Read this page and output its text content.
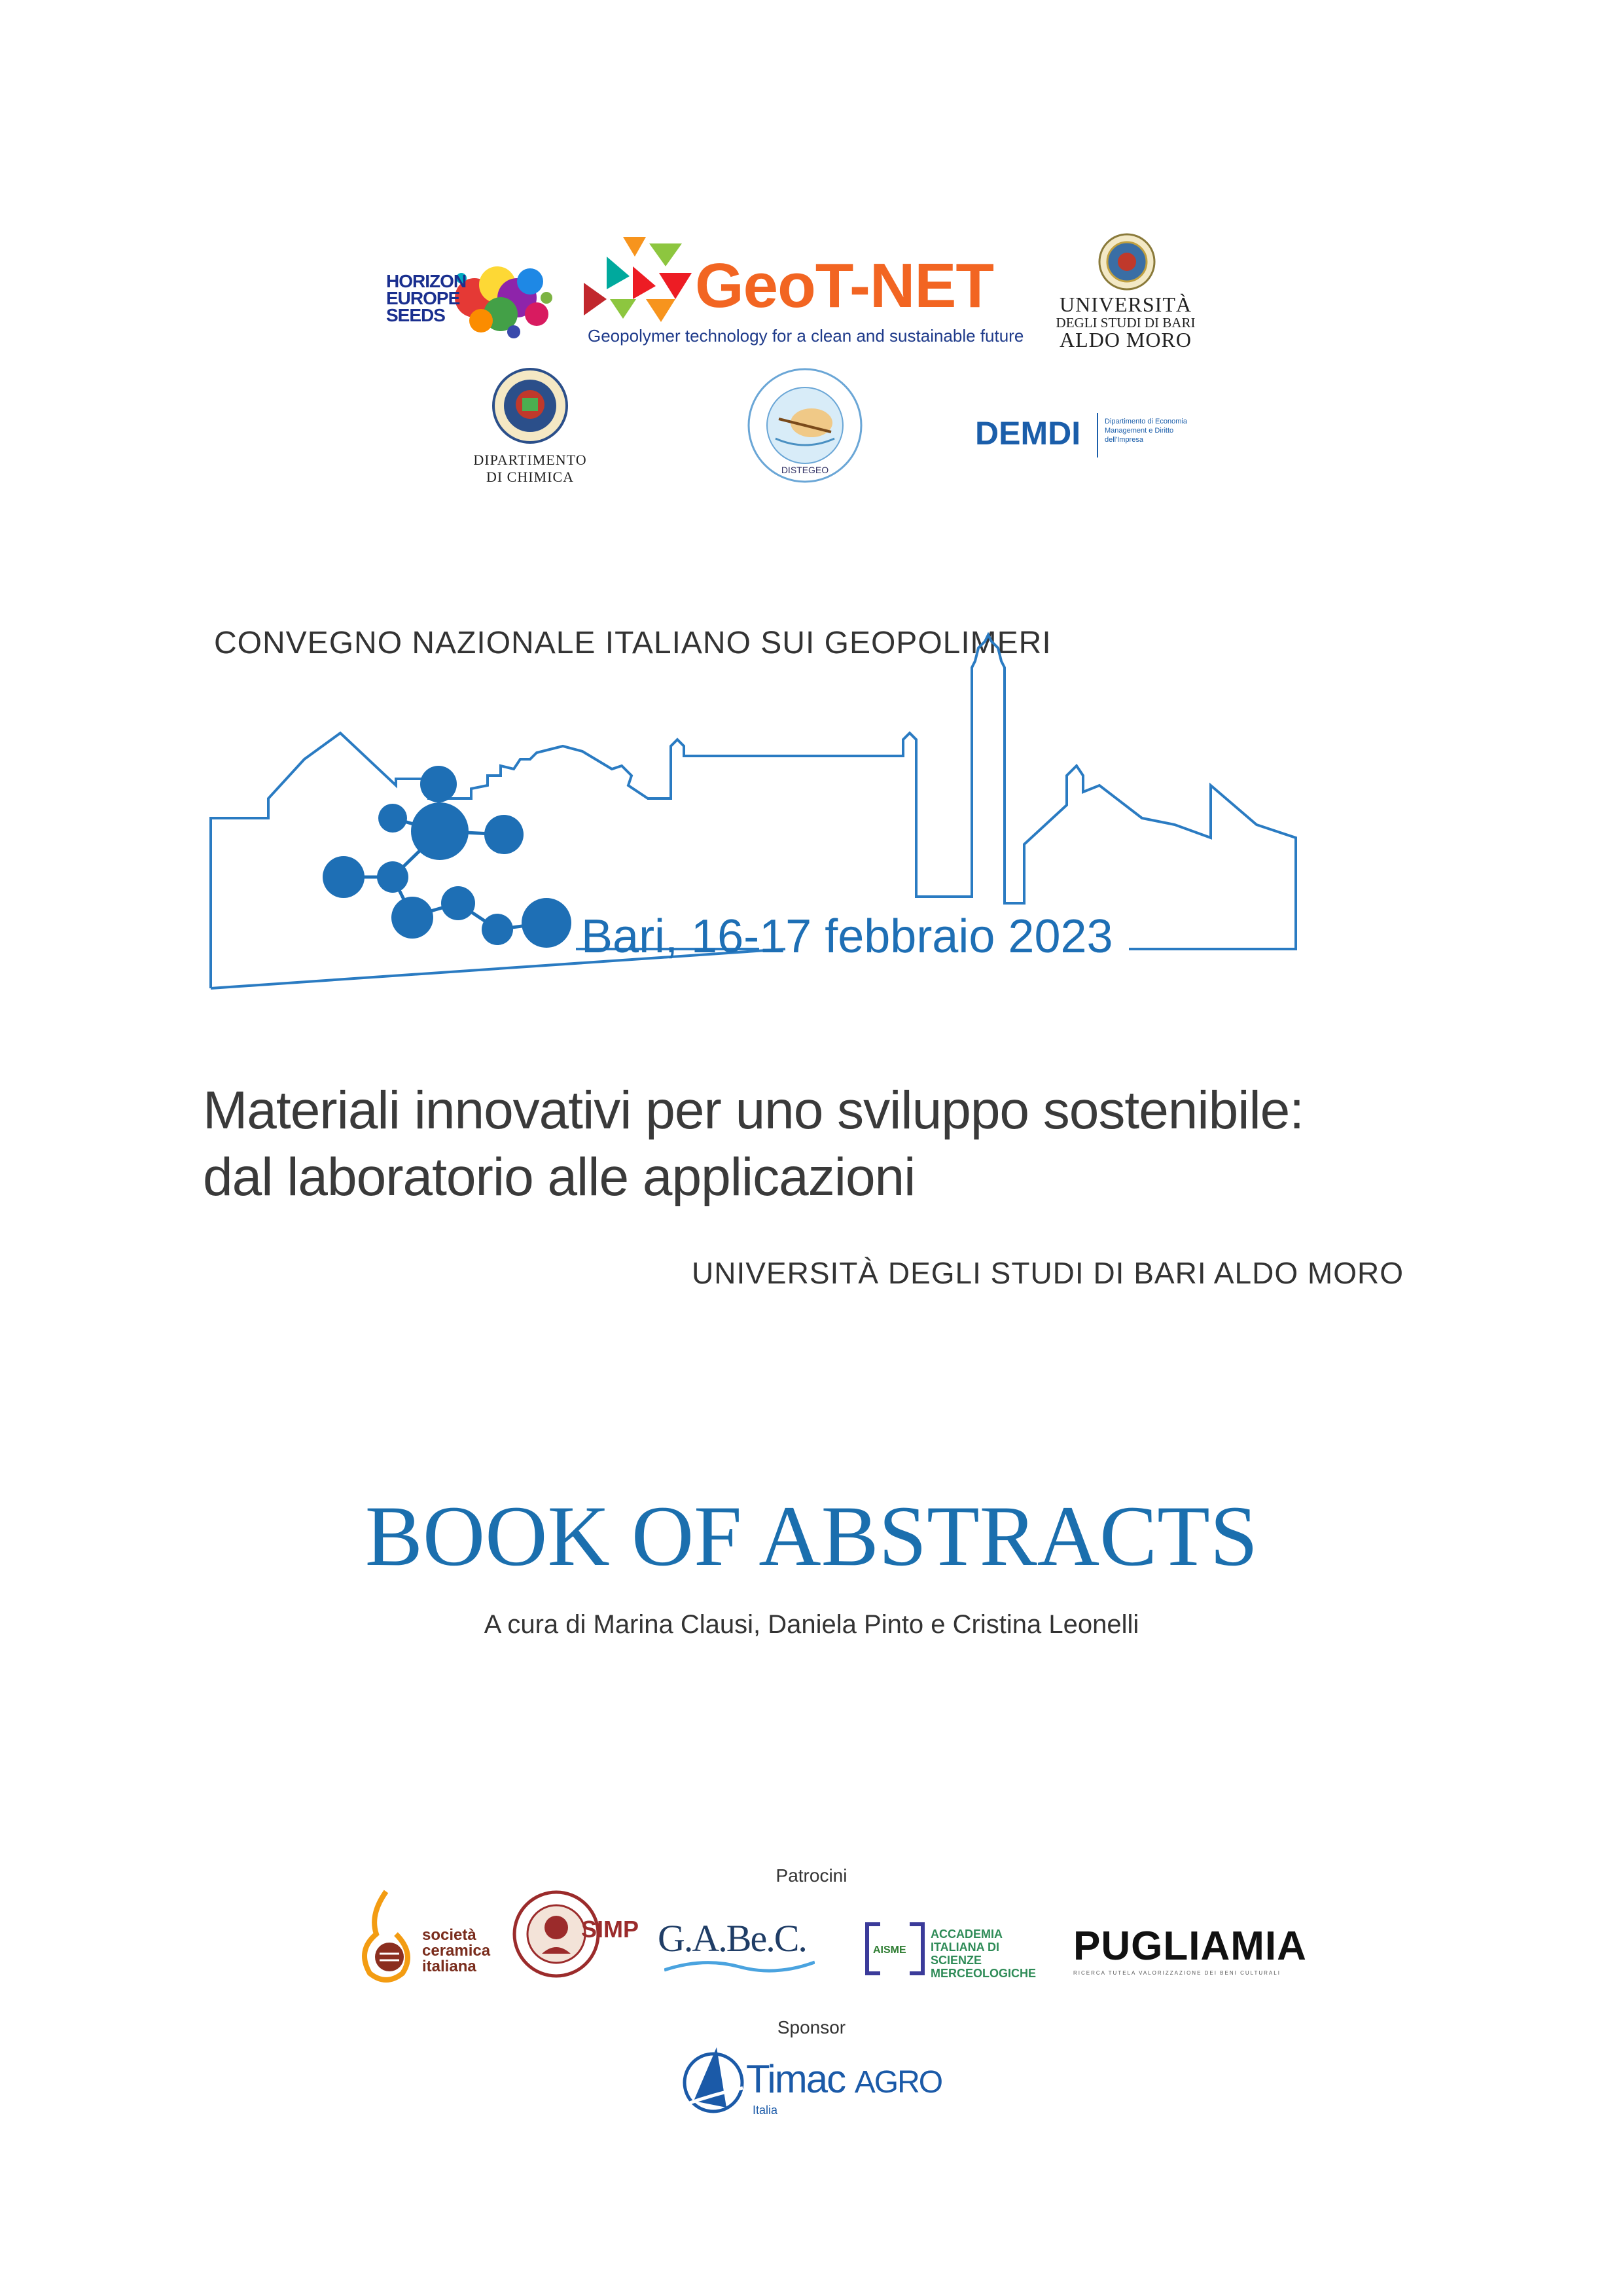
HORIZON
EUROPE
SEEDS	GeoT-NET
Geopolymer technology for a clean and sustainable future
UNIVERSITÀ
DEGLI STUDI DI BARI
ALDO MORO
DIPARTIMENTO
DI CHIMICA	DISTEGEO
DEMDI	Dipartimento di Economia Management e Diritto dell'Impresa
CONVEGNO NAZIONALE ITALIANO SUI GEOPOLIMERI
Bari, 16-17 febbraio 2023
Materiali innovativi per uno sviluppo sostenibile:
dal laboratorio alle applicazioni
UNIVERSITÀ DEGLI STUDI DI BARI ALDO MORO
BOOK OF ABSTRACTS
A cura di Marina Clausi, Daniela Pinto e Cristina Leonelli
Patrocini
società
ceramica
italiana
SIMP G.A.Be.C.	AISME
ACCADEMIA ITALIANA DI SCIENZE MERCEOLOGICHE
PUGLIAMIA
RICERCA TUTELA VALORIZZAZIONE DEI BENI CULTURALI
Sponsor
Timac AGRO
Italia
